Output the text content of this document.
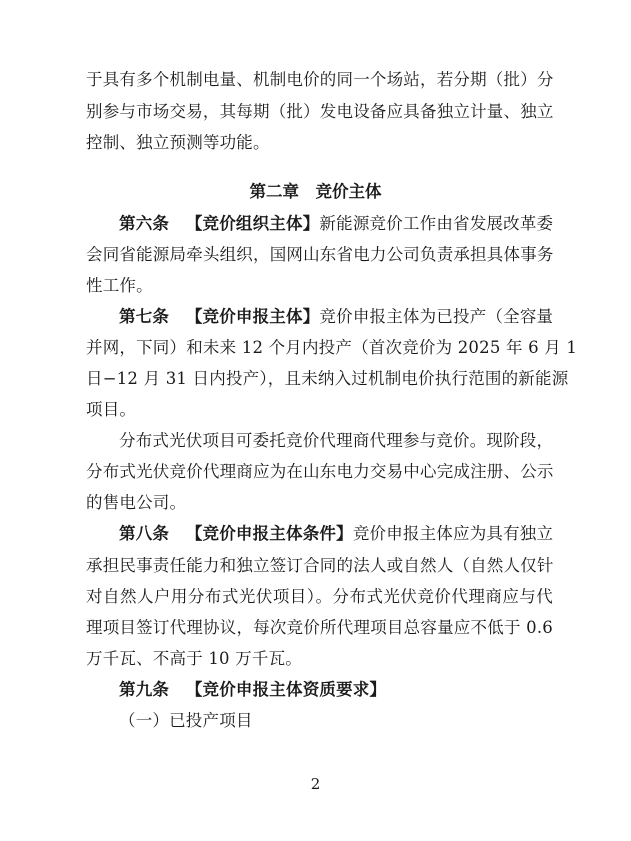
于具有多个机制电量、机制电价的同一个场站，若分期（批）分
别参与市场交易，其每期（批）发电设备应具备独立计量、独立
控制、独立预测等功能。
第二章　竞价主体
第六条  【竞价组织主体】新能源竞价工作由省发展改革委
会同省能源局牵头组织，国网山东省电力公司负责承担具体事务
性工作。
第七条  【竞价申报主体】竞价申报主体为已投产（全容量
并网，下同）和未来 12 个月内投产（首次竞价为 2025 年 6 月 1
日−12 月 31 日内投产），且未纳入过机制电价执行范围的新能源
项目。
分布式光伏项目可委托竞价代理商代理参与竞价。现阶段，
分布式光伏竞价代理商应为在山东电力交易中心完成注册、公示
的售电公司。
第八条  【竞价申报主体条件】竞价申报主体应为具有独立
承担民事责任能力和独立签订合同的法人或自然人（自然人仅针
对自然人户用分布式光伏项目）。分布式光伏竞价代理商应与代
理项目签订代理协议，每次竞价所代理项目总容量应不低于 0.6
万千瓦、不高于 10 万千瓦。
第九条  【竞价申报主体资质要求】
（一）已投产项目
2
